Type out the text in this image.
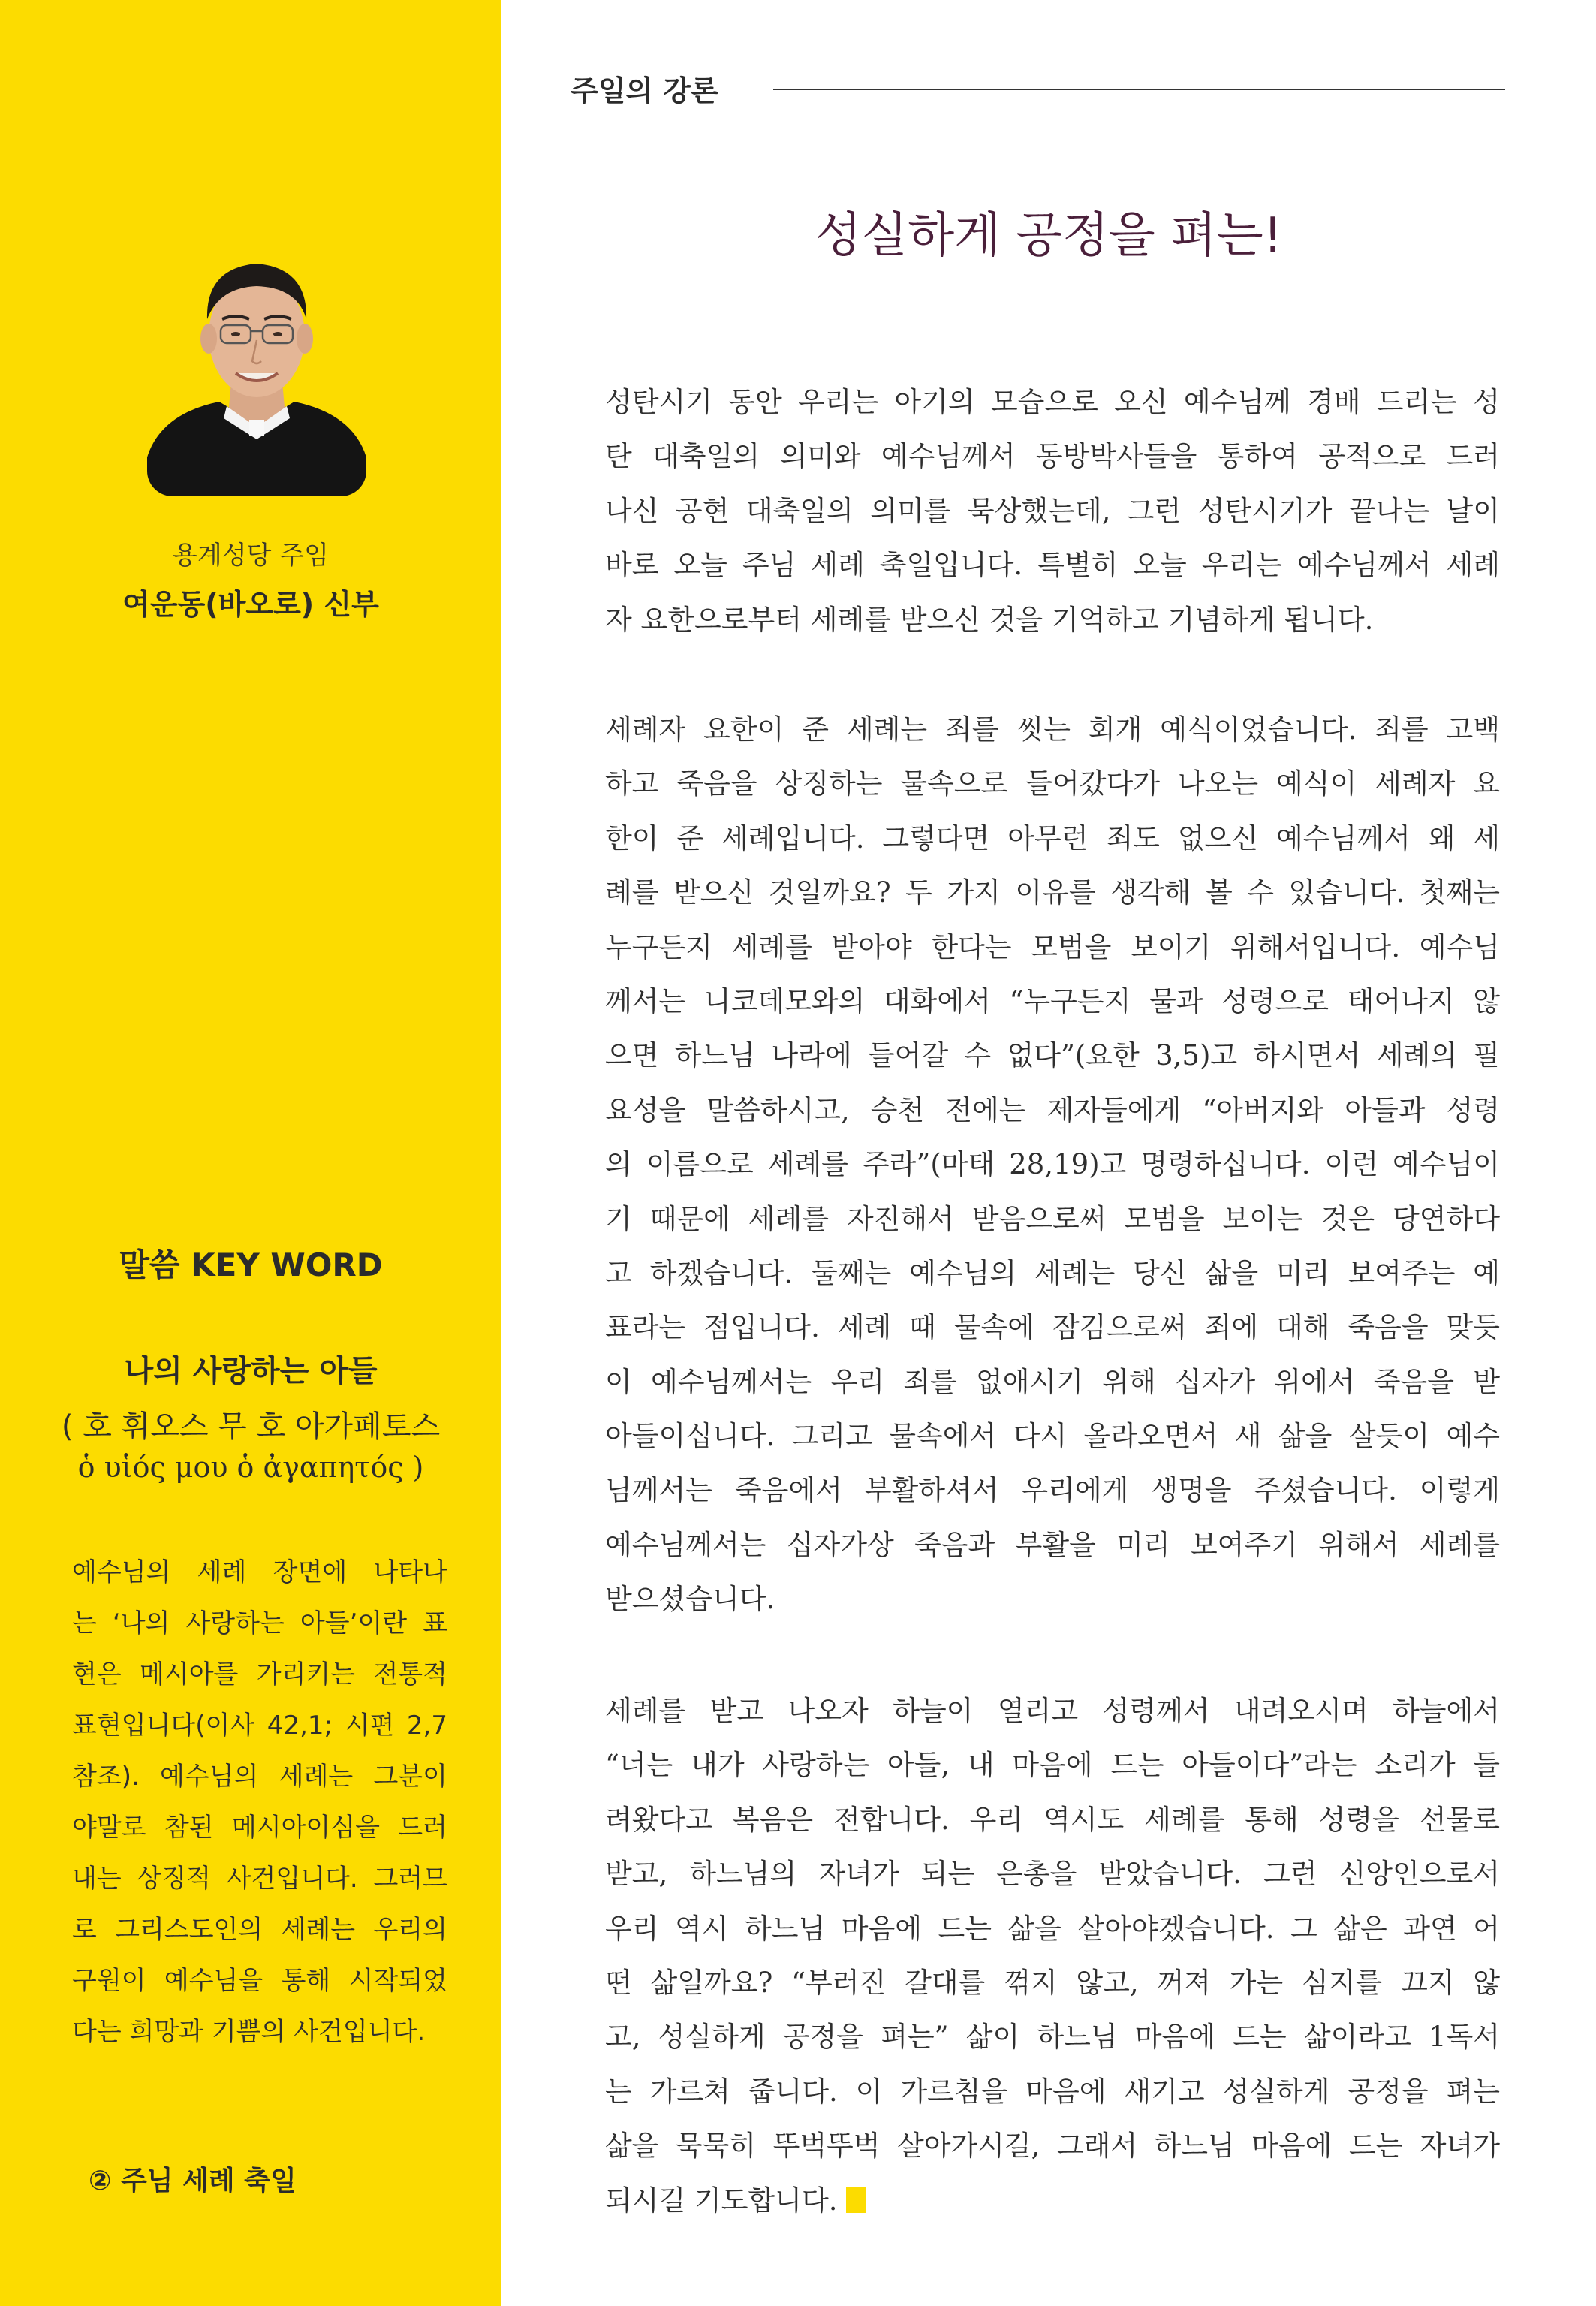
용계성당 주임
여운동(바오로) 신부
말씀 KEY WORD
나의 사랑하는 아들
( 호 휘오스 무 호 아가페토스
ὁ υἱός μου ὁ ἀγαπητός )
예수님의 세례 장면에 나타나
는 ‘나의 사랑하는 아들’이란 표
현은 메시아를 가리키는 전통적
표현입니다(이사 42,1; 시편 2,7
참조). 예수님의 세례는 그분이
야말로 참된 메시아이심을 드러
내는 상징적 사건입니다. 그러므
로 그리스도인의 세례는 우리의
구원이 예수님을 통해 시작되었
다는 희망과 기쁨의 사건입니다.
② 주님 세례 축일
주일의 강론
성실하게 공정을 펴는!
성탄시기 동안 우리는 아기의 모습으로 오신 예수님께 경배 드리는 성
탄 대축일의 의미와 예수님께서 동방박사들을 통하여 공적으로 드러
나신 공현 대축일의 의미를 묵상했는데, 그런 성탄시기가 끝나는 날이
바로 오늘 주님 세례 축일입니다. 특별히 오늘 우리는 예수님께서 세례
자 요한으로부터 세례를 받으신 것을 기억하고 기념하게 됩니다.
세례자 요한이 준 세례는 죄를 씻는 회개 예식이었습니다. 죄를 고백
하고 죽음을 상징하는 물속으로 들어갔다가 나오는 예식이 세례자 요
한이 준 세례입니다. 그렇다면 아무런 죄도 없으신 예수님께서 왜 세
례를 받으신 것일까요? 두 가지 이유를 생각해 볼 수 있습니다. 첫째는
누구든지 세례를 받아야 한다는 모범을 보이기 위해서입니다. 예수님
께서는 니코데모와의 대화에서 “누구든지 물과 성령으로 태어나지 않
으면 하느님 나라에 들어갈 수 없다”(요한 3,5)고 하시면서 세례의 필
요성을 말씀하시고, 승천 전에는 제자들에게 “아버지와 아들과 성령
의 이름으로 세례를 주라”(마태 28,19)고 명령하십니다. 이런 예수님이
기 때문에 세례를 자진해서 받음으로써 모범을 보이는 것은 당연하다
고 하겠습니다. 둘째는 예수님의 세례는 당신 삶을 미리 보여주는 예
표라는 점입니다. 세례 때 물속에 잠김으로써 죄에 대해 죽음을 맞듯
이 예수님께서는 우리 죄를 없애시기 위해 십자가 위에서 죽음을 받
아들이십니다. 그리고 물속에서 다시 올라오면서 새 삶을 살듯이 예수
님께서는 죽음에서 부활하셔서 우리에게 생명을 주셨습니다. 이렇게
예수님께서는 십자가상 죽음과 부활을 미리 보여주기 위해서 세례를
받으셨습니다.
세례를 받고 나오자 하늘이 열리고 성령께서 내려오시며 하늘에서
“너는 내가 사랑하는 아들, 내 마음에 드는 아들이다”라는 소리가 들
려왔다고 복음은 전합니다. 우리 역시도 세례를 통해 성령을 선물로
받고, 하느님의 자녀가 되는 은총을 받았습니다. 그런 신앙인으로서
우리 역시 하느님 마음에 드는 삶을 살아야겠습니다. 그 삶은 과연 어
떤 삶일까요? “부러진 갈대를 꺾지 않고, 꺼져 가는 심지를 끄지 않
고, 성실하게 공정을 펴는” 삶이 하느님 마음에 드는 삶이라고 1독서
는 가르쳐 줍니다. 이 가르침을 마음에 새기고 성실하게 공정을 펴는
삶을 묵묵히 뚜벅뚜벅 살아가시길, 그래서 하느님 마음에 드는 자녀가
되시길 기도합니다.
